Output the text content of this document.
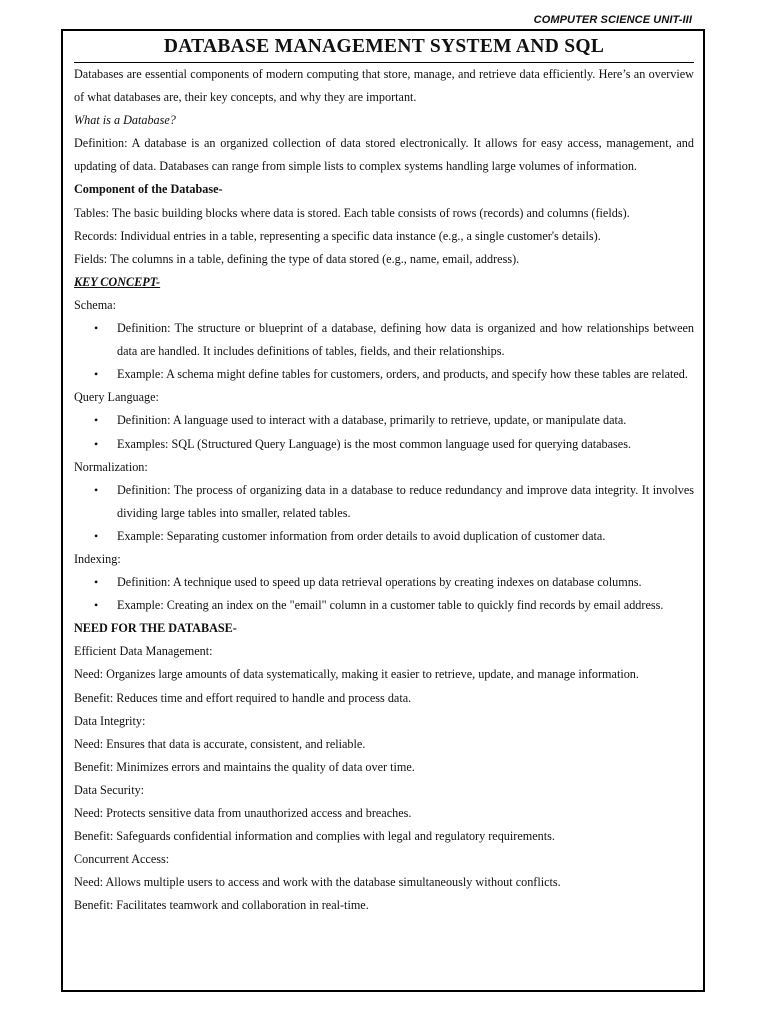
COMPUTER SCIENCE UNIT-III
DATABASE MANAGEMENT SYSTEM AND SQL

Databases are essential components of modern computing that store, manage, and retrieve data efficiently. Here’s an overview of what databases are, their key concepts, and why they are important.

What is a Database?

Definition: A database is an organized collection of data stored electronically. It allows for easy access, management, and updating of data. Databases can range from simple lists to complex systems handling large volumes of information.

Component of the Database-

Tables: The basic building blocks where data is stored. Each table consists of rows (records) and columns (fields).

Records: Individual entries in a table, representing a specific data instance (e.g., a single customer's details).

Fields: The columns in a table, defining the type of data stored (e.g., name, email, address).

KEY CONCEPT-

Schema:

• Definition: The structure or blueprint of a database, defining how data is organized and how relationships between data are handled. It includes definitions of tables, fields, and their relationships.
• Example: A schema might define tables for customers, orders, and products, and specify how these tables are related.

Query Language:

• Definition: A language used to interact with a database, primarily to retrieve, update, or manipulate data.
• Examples: SQL (Structured Query Language) is the most common language used for querying databases.

Normalization:

• Definition: The process of organizing data in a database to reduce redundancy and improve data integrity. It involves dividing large tables into smaller, related tables.
• Example: Separating customer information from order details to avoid duplication of customer data.

Indexing:

• Definition: A technique used to speed up data retrieval operations by creating indexes on database columns.
• Example: Creating an index on the "email" column in a customer table to quickly find records by email address.

NEED FOR THE DATABASE-

Efficient Data Management:

Need: Organizes large amounts of data systematically, making it easier to retrieve, update, and manage information.

Benefit: Reduces time and effort required to handle and process data.

Data Integrity:

Need: Ensures that data is accurate, consistent, and reliable.

Benefit: Minimizes errors and maintains the quality of data over time.

Data Security:

Need: Protects sensitive data from unauthorized access and breaches.

Benefit: Safeguards confidential information and complies with legal and regulatory requirements.

Concurrent Access:

Need: Allows multiple users to access and work with the database simultaneously without conflicts.

Benefit: Facilitates teamwork and collaboration in real-time.
